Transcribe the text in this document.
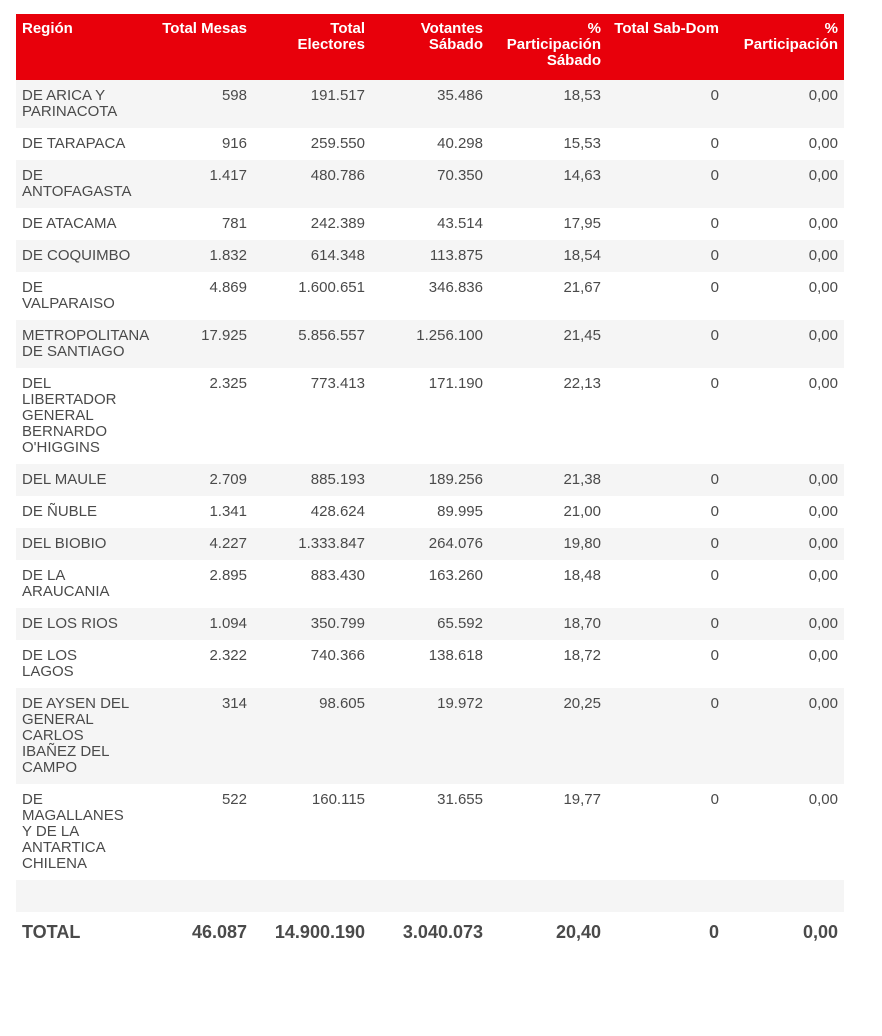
Región	Total Mesas	Total Electores	Votantes Sábado	% Participación Sábado	Total Sab-Dom	% Participación
DE ARICA Y PARINACOTA	598	191.517	35.486	18,53	0	0,00
DE TARAPACA	916	259.550	40.298	15,53	0	0,00
DE ANTOFAGASTA	1.417	480.786	70.350	14,63	0	0,00
DE ATACAMA	781	242.389	43.514	17,95	0	0,00
DE COQUIMBO	1.832	614.348	113.875	18,54	0	0,00
DE VALPARAISO	4.869	1.600.651	346.836	21,67	0	0,00
METROPOLITANA DE SANTIAGO	17.925	5.856.557	1.256.100	21,45	0	0,00
DEL LIBERTADOR GENERAL BERNARDO O'HIGGINS	2.325	773.413	171.190	22,13	0	0,00
DEL MAULE	2.709	885.193	189.256	21,38	0	0,00
DE ÑUBLE	1.341	428.624	89.995	21,00	0	0,00
DEL BIOBIO	4.227	1.333.847	264.076	19,80	0	0,00
DE LA ARAUCANIA	2.895	883.430	163.260	18,48	0	0,00
DE LOS RIOS	1.094	350.799	65.592	18,70	0	0,00
DE LOS LAGOS	2.322	740.366	138.618	18,72	0	0,00
DE AYSEN DEL GENERAL CARLOS IBAÑEZ DEL CAMPO	314	98.605	19.972	20,25	0	0,00
DE MAGALLANES Y DE LA ANTARTICA CHILENA	522	160.115	31.655	19,77	0	0,00

TOTAL	46.087	14.900.190	3.040.073	20,40	0	0,00
